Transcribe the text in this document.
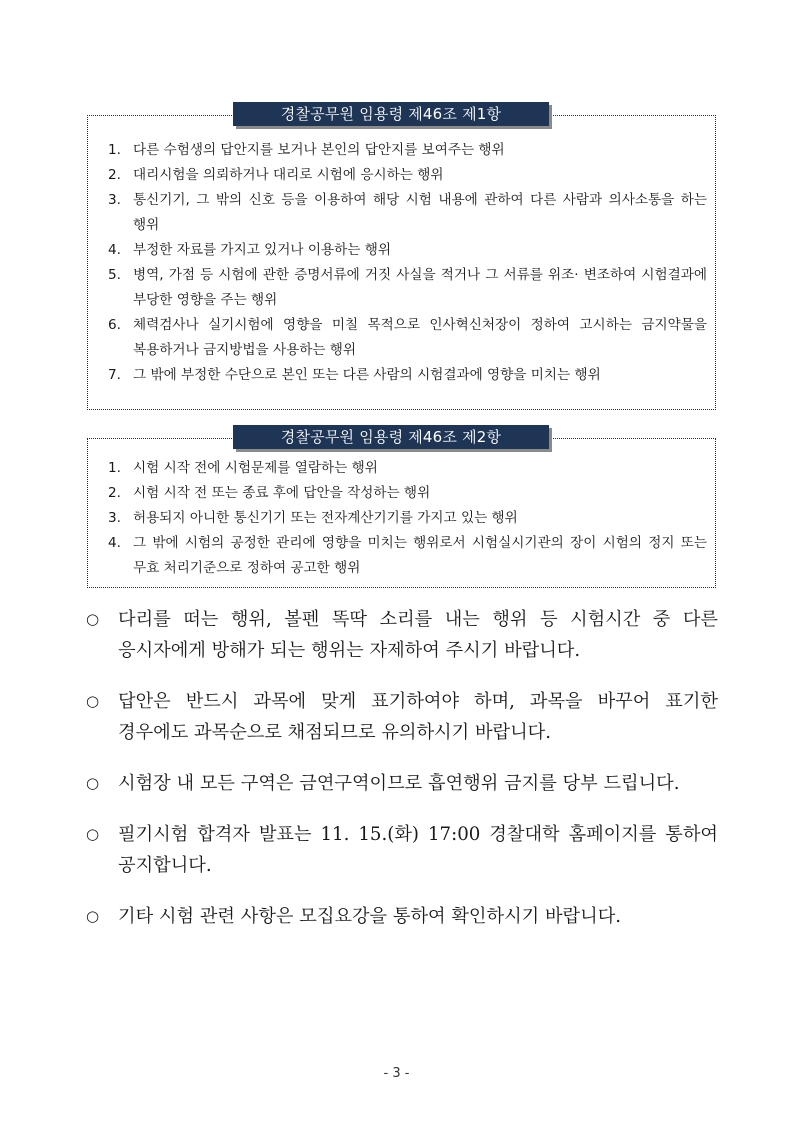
경찰공무원 임용령 제46조 제1항
1. 다른 수험생의 답안지를 보거나 본인의 답안지를 보여주는 행위
2. 대리시험을 의뢰하거나 대리로 시험에 응시하는 행위
3. 통신기기, 그 밖의 신호 등을 이용하여 해당 시험 내용에 관하여 다른 사람과 의사소통을 하는 행위
4. 부정한 자료를 가지고 있거나 이용하는 행위
5. 병역, 가점 등 시험에 관한 증명서류에 거짓 사실을 적거나 그 서류를 위조· 변조하여 시험결과에 부당한 영향을 주는 행위
6. 체력검사나 실기시험에 영향을 미칠 목적으로 인사혁신처장이 정하여 고시하는 금지약물을 복용하거나 금지방법을 사용하는 행위
7. 그 밖에 부정한 수단으로 본인 또는 다른 사람의 시험결과에 영향을 미치는 행위
경찰공무원 임용령 제46조 제2항
1. 시험 시작 전에 시험문제를 열람하는 행위
2. 시험 시작 전 또는 종료 후에 답안을 작성하는 행위
3. 허용되지 아니한 통신기기 또는 전자계산기기를 가지고 있는 행위
4. 그 밖에 시험의 공정한 관리에 영향을 미치는 행위로서 시험실시기관의 장이 시험의 정지 또는 무효 처리기준으로 정하여 공고한 행위
○	다리를 떠는 행위, 볼펜 똑딱 소리를 내는 행위 등 시험시간 중 다른 응시자에게 방해가 되는 행위는 자제하여 주시기 바랍니다.
○	답안은 반드시 과목에 맞게 표기하여야 하며, 과목을 바꾸어 표기한 경우에도 과목순으로 채점되므로 유의하시기 바랍니다.
○	시험장 내 모든 구역은 금연구역이므로 흡연행위 금지를 당부 드립니다.
○	필기시험 합격자 발표는 11. 15.(화) 17:00 경찰대학 홈페이지를 통하여 공지합니다.
○	기타 시험 관련 사항은 모집요강을 통하여 확인하시기 바랍니다.
- 3 -
